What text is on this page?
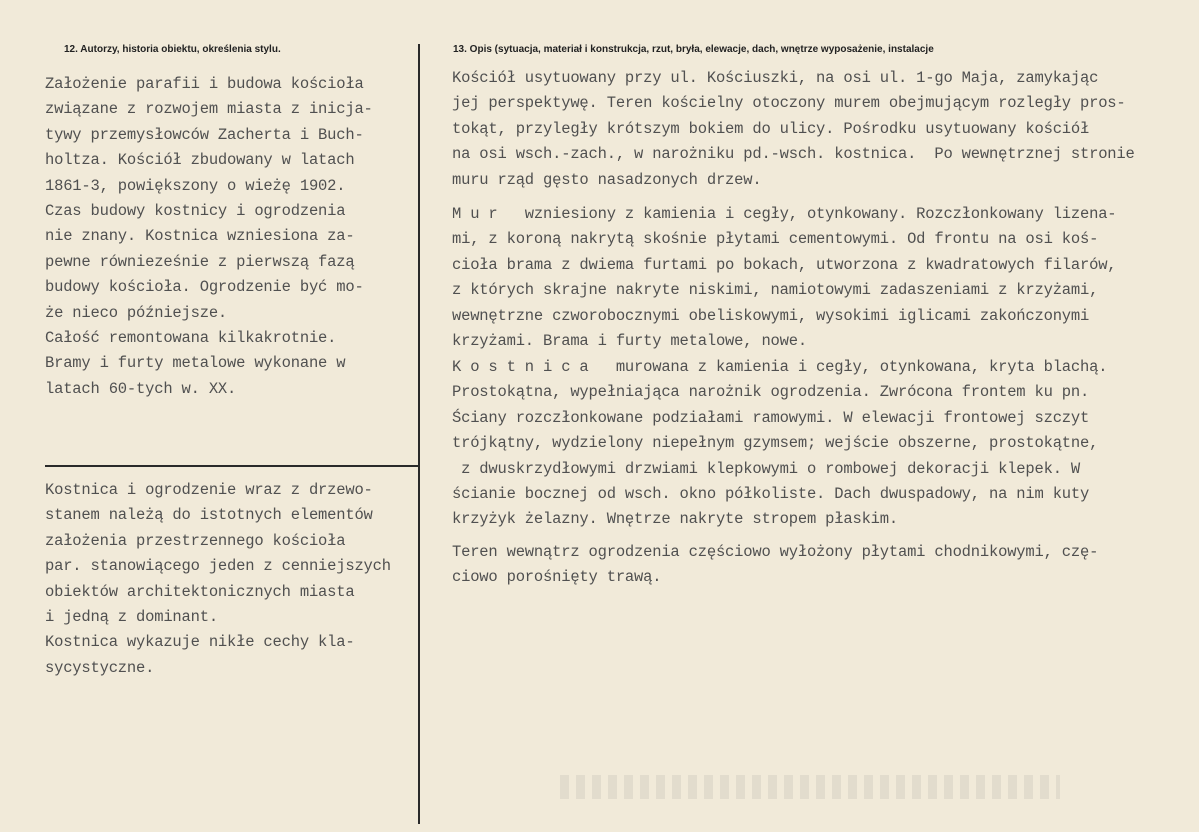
12. Autorzy, historia obiektu, określenia stylu.	13. Opis (sytuacja, materiał i konstrukcja, rzut, bryła, elewacje, dach, wnętrze wyposażenie, instalacje

Założenie parafii i budowa kościoła
związane z rozwojem miasta z inicja-
tywy przemysłowców Zacherta i Buch-
holtza. Kościół zbudowany w latach
1861-3, powiększony o wieżę 1902.
Czas budowy kostnicy i ogrodzenia
nie znany. Kostnica wzniesiona za-
pewne równieześnie z pierwszą fazą
budowy kościoła. Ogrodzenie być mo-
że nieco późniejsze.
Całość remontowana kilkakrotnie.
Bramy i furty metalowe wykonane w
latach 60-tych w. XX.

Kostnica i ogrodzenie wraz z drzewo-
stanem należą do istotnych elementów
założenia przestrzennego kościoła
par. stanowiącego jeden z cenniejszych
obiektów architektonicznych miasta
i jedną z dominant.
Kostnica wykazuje nikłe cechy kla-
sycystyczne.

Kościół usytuowany przy ul. Kościuszki, na osi ul. 1-go Maja, zamykając
jej perspektywę. Teren kościelny otoczony murem obejmującym rozległy pros-
tokąt, przyległy krótszym bokiem do ulicy. Pośrodku usytuowany kościół
na osi wsch.-zach., w narożniku pd.-wsch. kostnica.  Po wewnętrznej stronie
muru rząd gęsto nasadzonych drzew.

M u r   wzniesiony z kamienia i cegły, otynkowany. Rozczłonkowany lizena-
mi, z koroną nakrytą skośnie płytami cementowymi. Od frontu na osi koś-
cioła brama z dwiema furtami po bokach, utworzona z kwadratowych filarów,
z których skrajne nakryte niskimi, namiotowymi zadaszeniami z krzyżami,
wewnętrzne czworobocznymi obeliskowymi, wysokimi iglicami zakończonymi
krzyżami. Brama i furty metalowe, nowe.

K o s t n i c a   murowana z kamienia i cegły, otynkowana, kryta blachą.
Prostokątna, wypełniająca narożnik ogrodzenia. Zwrócona frontem ku pn.
Ściany rozczłonkowane podziałami ramowymi. W elewacji frontowej szczyt
trójkątny, wydzielony niepełnym gzymsem; wejście obszerne, prostokątne,
z dwuskrzydłowymi drzwiami klepkowymi o rombowej dekoracji klepek. W
ścianie bocznej od wsch. okno półkoliste. Dach dwuspadowy, na nim kuty
krzyżyk żelazny. Wnętrze nakryte stropem płaskim.

Teren wewnątrz ogrodzenia częściowo wyłożony płytami chodnikowymi, czę-
ciowo porośnięty trawą.
